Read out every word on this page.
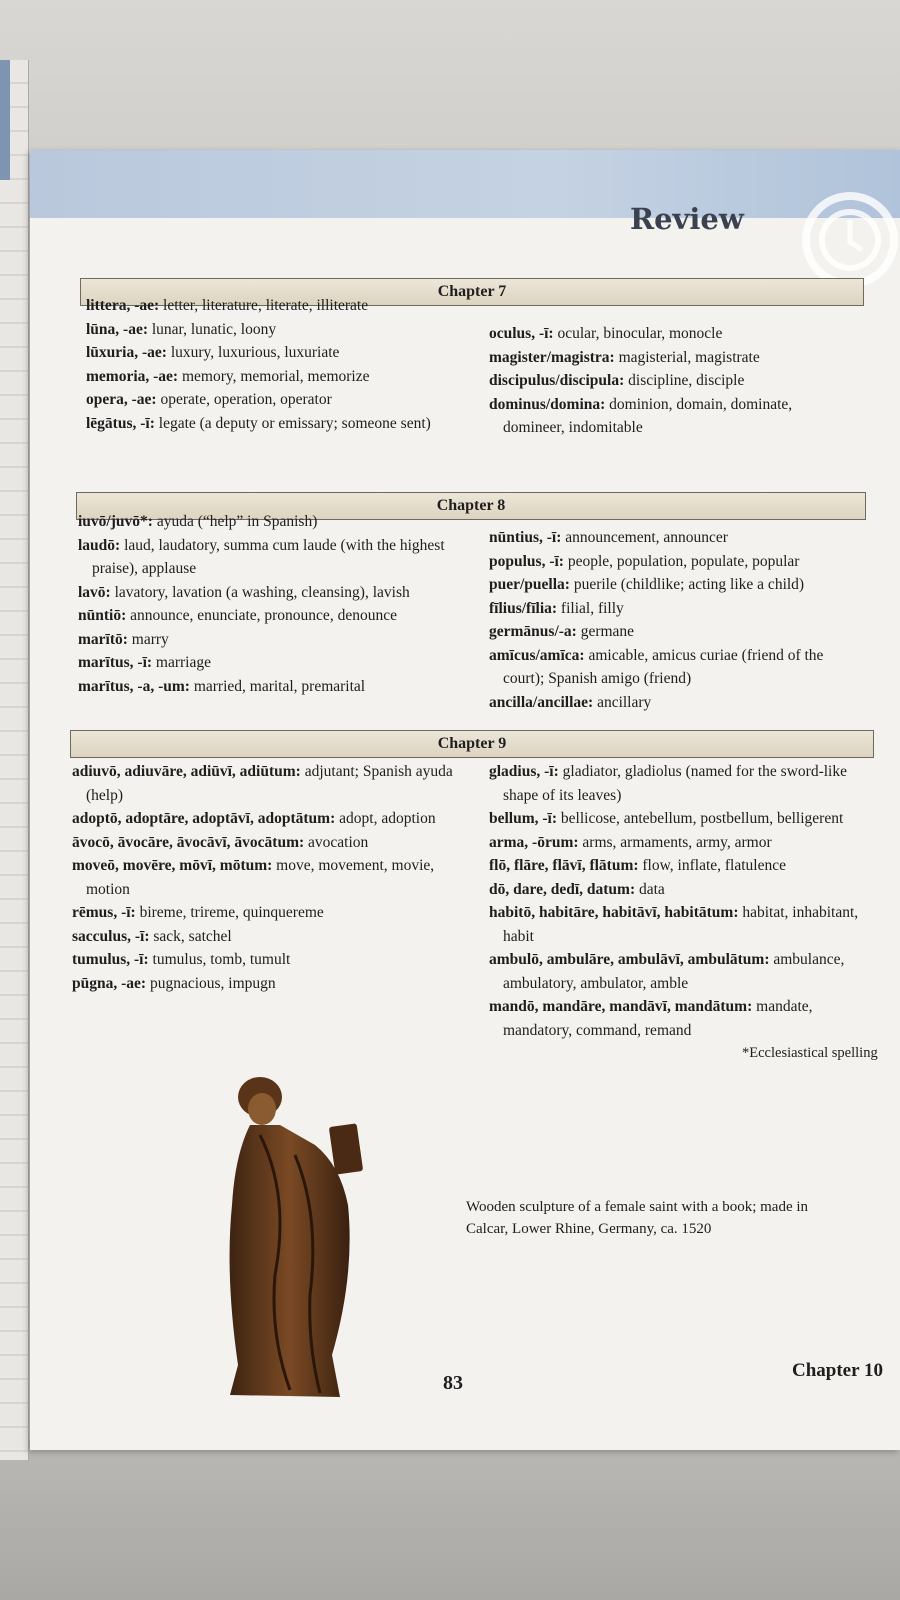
Review
Chapter 7

littera, -ae: letter, literature, literate, illiterate

lūna, -ae: lunar, lunatic, loony

lūxuria, -ae: luxury, luxurious, luxuriate

memoria, -ae: memory, memorial, memorize

opera, -ae: operate, operation, operator

lēgātus, -ī: legate (a deputy or emissary; someone sent)

oculus, -ī: ocular, binocular, monocle

magister/magistra: magisterial, magistrate

discipulus/discipula: discipline, disciple

dominus/domina: dominion, domain, dominate, domineer, indomitable

Chapter 8

iuvō/juvō*: ayuda (“help” in Spanish)

laudō: laud, laudatory, summa cum laude (with the highest praise), applause

lavō: lavatory, lavation (a washing, cleansing), lavish

nūntiō: announce, enunciate, pronounce, denounce

marītō: marry

marītus, -ī: marriage

marītus, -a, -um: married, marital, premarital

nūntius, -ī: announcement, announcer

populus, -ī: people, population, populate, popular

puer/puella: puerile (childlike; acting like a child)

fīlius/fīlia: filial, filly

germānus/-a: germane

amīcus/amīca: amicable, amicus curiae (friend of the court); Spanish amigo (friend)

ancilla/ancillae: ancillary

Chapter 9

adiuvō, adiuvāre, adiūvī, adiūtum: adjutant; Spanish ayuda (help)

adoptō, adoptāre, adoptāvī, adoptātum: adopt, adoption

āvocō, āvocāre, āvocāvī, āvocātum: avocation

moveō, movēre, mōvī, mōtum: move, movement, movie, motion

rēmus, -ī: bireme, trireme, quinquereme

sacculus, -ī: sack, satchel

tumulus, -ī: tumulus, tomb, tumult

pūgna, -ae: pugnacious, impugn

gladius, -ī: gladiator, gladiolus (named for the sword-like shape of its leaves)

bellum, -ī: bellicose, antebellum, postbellum, belligerent

arma, -ōrum: arms, armaments, army, armor

flō, flāre, flāvī, flātum: flow, inflate, flatulence

dō, dare, dedī, datum: data

habitō, habitāre, habitāvī, habitātum: habitat, inhabitant, habit

ambulō, ambulāre, ambulāvī, ambulātum: ambulance, ambulatory, ambulator, amble

mandō, mandāre, mandāvī, mandātum: mandate, mandatory, command, remand

*Ecclesiastical spelling
Wooden sculpture of a female saint with a book; made in Calcar, Lower Rhine, Germany, ca. 1520
83
Chapter 10
